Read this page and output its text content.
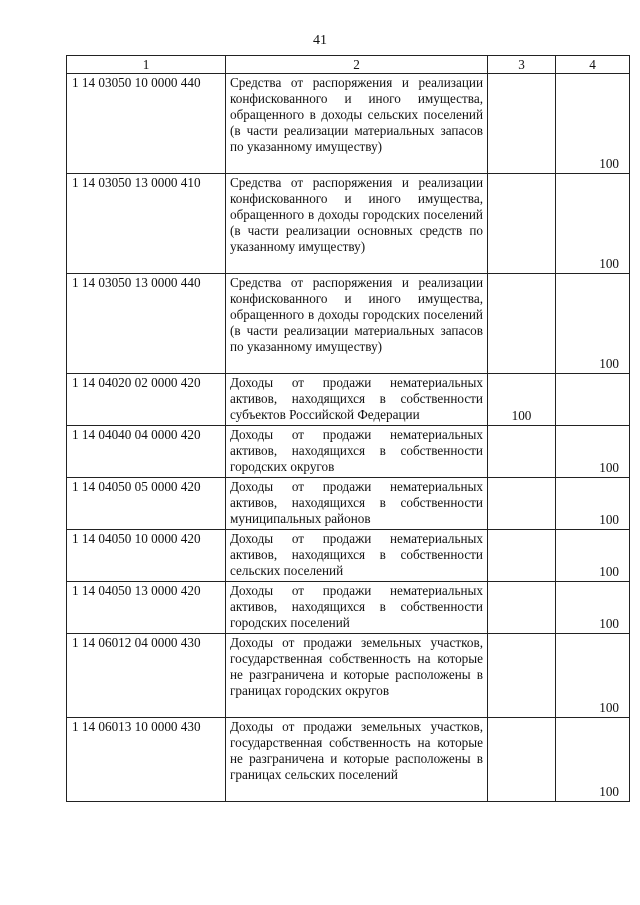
41
1	2	3	4
1 14 03050 10 0000 440	Средства от распоряжения и реализации конфискованного и иного имущества, обращенного в доходы сельских поселений (в части реализации материальных запасов по указанному имуществу)		100
1 14 03050 13 0000 410	Средства от распоряжения и реализации конфискованного и иного имущества, обращенного в доходы городских поселений (в части реализации основных средств по указанному имуществу)		100
1 14 03050 13 0000 440	Средства от распоряжения и реализации конфискованного и иного имущества, обращенного в доходы городских поселений (в части реализации материальных запасов по указанному имуществу)		100
1 14 04020 02 0000 420	Доходы от продажи нематериальных активов, находящихся в собственности субъектов Российской Федерации	100	
1 14 04040 04 0000 420	Доходы от продажи нематериальных активов, находящихся в собственности городских округов		100
1 14 04050 05 0000 420	Доходы от продажи нематериальных активов, находящихся в собственности муниципальных районов		100
1 14 04050 10 0000 420	Доходы от продажи нематериальных активов, находящихся в собственности сельских поселений		100
1 14 04050 13 0000 420	Доходы от продажи нематериальных активов, находящихся в собственности городских поселений		100
1 14 06012 04 0000 430	Доходы от продажи земельных участков, государственная собственность на которые не разграничена и которые расположены в границах городских округов		100
1 14 06013 10 0000 430	Доходы от продажи земельных участков, государственная собственность на которые не разграничена и которые расположены в границах сельских поселений		100
